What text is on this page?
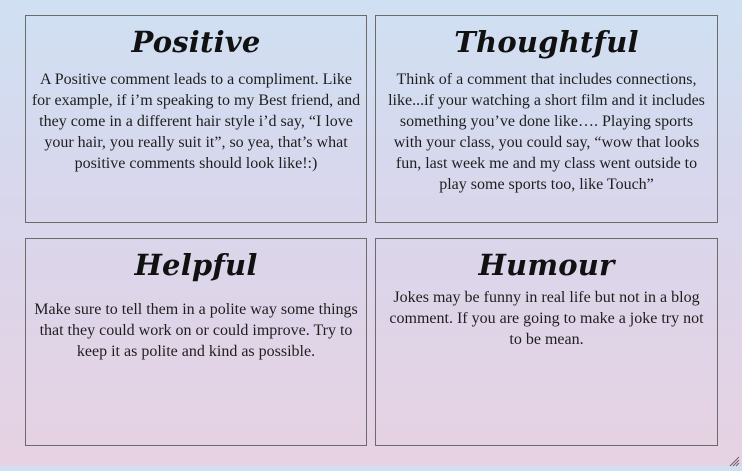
Positive

A Positive comment leads to a compliment. Like for example, if i’m speaking to my Best friend, and they come in a different hair style i’d say, “I love your hair, you really suit it”, so yea, that’s what positive comments should look like!:)

Thoughtful

Think of a comment that includes connections, like...if your watching a short film and it includes something you’ve done like…. Playing sports with your class, you could say, “wow that looks fun, last week me and my class went outside to play some sports too, like Touch”

Helpful

Make sure to tell them in a polite way some things that they could work on or could improve. Try to keep it as polite and kind as possible.

Humour

Jokes may be funny in real life but not in a blog comment. If you are going to make a joke try not to be mean.
